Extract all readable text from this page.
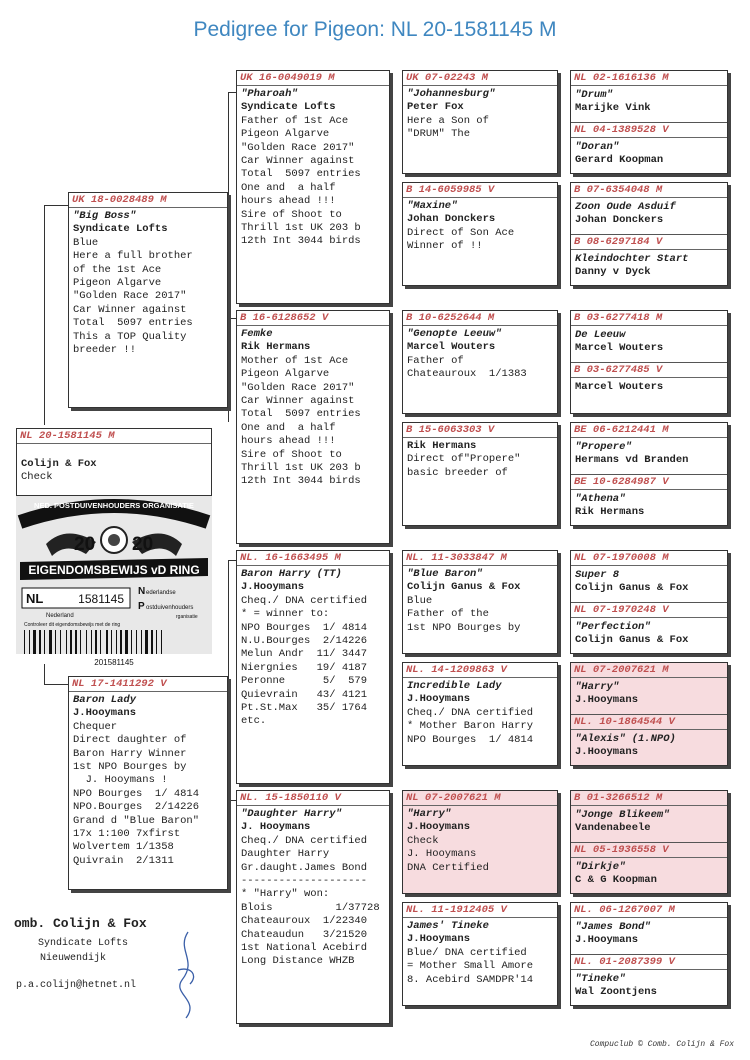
Pedigree for Pigeon: NL 20-1581145 M
NL 20-1581145 M
Colijn & Fox
Check
NED. POSTDUIVENHOUDERS ORGANISATIE
20 20
EIGENDOMSBEWIJS vD RING
NL	1581145
Nederland
N ederlandse
P ostduivenhouders
rganisatie
Controleer dit eigendomsbewijs met de ring
201581145
UK 18-0028489 M
"Big Boss"
Syndicate Lofts
Blue
Here a full brother
of the 1st Ace
Pigeon Algarve
"Golden Race 2017"
Car Winner against
Total  5097 entries
This a TOP Quality
breeder !!
NL 17-1411292 V
Baron Lady
J.Hooymans
Chequer
Direct daughter of
Baron Harry Winner
1st NPO Bourges by
J. Hooymans !
NPO Bourges  1/ 4814
NPO.Bourges  2/14226
Grand d "Blue Baron"
17x 1:100 7xfirst
Wolvertem 1/1358
Quivrain  2/1311
UK 16-0049019 M
"Pharoah"
Syndicate Lofts
Father of 1st Ace
Pigeon Algarve
"Golden Race 2017"
Car Winner against
Total  5097 entries
One and  a half
hours ahead !!!
Sire of Shoot to
Thrill 1st UK 203 b
12th Int 3044 birds
B 16-6128652 V
Femke
Rik Hermans
Mother of 1st Ace
Pigeon Algarve
"Golden Race 2017"
Car Winner against
Total  5097 entries
One and  a half
hours ahead !!!
Sire of Shoot to
Thrill 1st UK 203 b
12th Int 3044 birds
NL. 16-1663495 M
Baron Harry (TT)
J.Hooymans
Cheq./ DNA certified
* = winner to:
NPO Bourges  1/ 4814
N.U.Bourges  2/14226
Melun Andr  11/ 3447
Niergnies   19/ 4187
Peronne      5/  579
Quievrain   43/ 4121
Pt.St.Max   35/ 1764
etc.
NL. 15-1850110 V
"Daughter Harry"
J. Hooymans
Cheq./ DNA certified
Daughter Harry
Gr.daught.James Bond
--------------------
* "Harry" won:
Blois          1/37728
Chateauroux  1/22340
Chateaudun   3/21520
1st National Acebird
Long Distance WHZB
UK 07-02243 M
"Johannesburg"
Peter Fox
Here a Son of
"DRUM" The
B 14-6059985 V
"Maxine"
Johan Donckers
Direct of Son Ace
Winner of !!
B 10-6252644 M
"Genopte Leeuw"
Marcel Wouters
Father of
Chateauroux  1/1383
B 15-6063303 V
Rik Hermans
Direct of"Propere"
basic breeder of
NL. 11-3033847 M
"Blue Baron"
Colijn Ganus & Fox
Blue
Father of the
1st NPO Bourges by
NL. 14-1209863 V
Incredible Lady
J.Hooymans
Cheq./ DNA certified
* Mother Baron Harry
NPO Bourges  1/ 4814
NL 07-2007621 M
"Harry"
J.Hooymans
Check
J. Hooymans
DNA Certified
NL. 11-1912405 V
James' Tineke
J.Hooymans
Blue/ DNA certified
= Mother Small Amore
8. Acebird SAMDPR'14
NL 02-1616136 M
"Drum"
Marijke Vink
NL 04-1389528 V
"Doran"
Gerard Koopman
B 07-6354048 M
Zoon Oude Asduif
Johan Donckers
B 08-6297184 V
Kleindochter Start
Danny v Dyck
B 03-6277418 M
De Leeuw
Marcel Wouters
B 03-6277485 V
Marcel Wouters
BE 06-6212441 M
"Propere"
Hermans vd Branden
BE 10-6284987 V
"Athena"
Rik Hermans
NL 07-1970008 M
Super 8
Colijn Ganus & Fox
NL 07-1970248 V
"Perfection"
Colijn Ganus & Fox
NL 07-2007621 M
"Harry"
J.Hooymans
NL. 10-1864544 V
"Alexis" (1.NPO)
J.Hooymans
B 01-3266512 M
"Jonge Blikeem"
Vandenabeele
NL 05-1936558 V
"Dirkje"
C & G Koopman
NL. 06-1267007 M
"James Bond"
J.Hooymans
NL. 01-2087399 V
"Tineke"
Wal Zoontjens
omb. Colijn & Fox
Syndicate Lofts
Nieuwendijk
p.a.colijn@hetnet.nl
Compuclub © Comb. Colijn & Fox
